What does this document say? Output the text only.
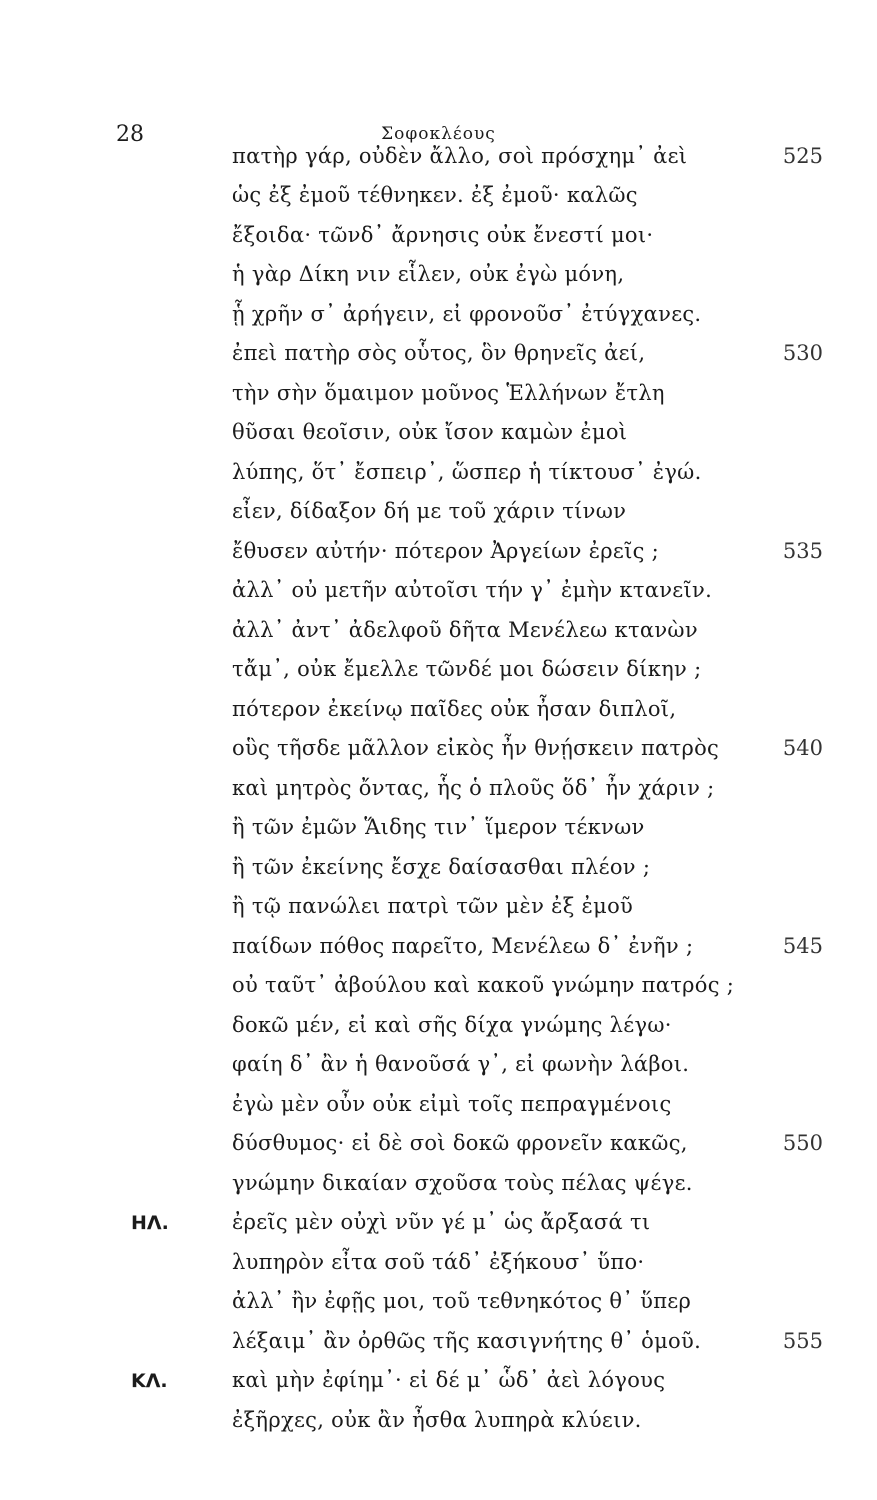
28	Σοφοκλέους
πατὴρ γάρ, οὐδὲν ἄλλο, σοὶ πρόσχημ᾽ ἀεὶ	525
ὡς ἐξ ἐμοῦ τέθνηκεν. ἐξ ἐμοῦ· καλῶς
ἔξοιδα· τῶνδ᾽ ἄρνησις οὐκ ἔνεστί μοι·
ἡ γὰρ Δίκη νιν εἷλεν, οὐκ ἐγὼ μόνη,
ᾗ χρῆν σ᾽ ἀρήγειν, εἰ φρονοῦσ᾽ ἐτύγχανες.
ἐπεὶ πατὴρ σὸς οὗτος, ὃν θρηνεῖς ἀεί,	530
τὴν σὴν ὅμαιμον μοῦνος Ἑλλήνων ἔτλη
θῦσαι θεοῖσιν, οὐκ ἴσον καμὼν ἐμοὶ
λύπης, ὅτ᾽ ἔσπειρ᾽, ὥσπερ ἡ τίκτουσ᾽ ἐγώ.
εἶεν, δίδαξον δή με τοῦ χάριν τίνων
ἔθυσεν αὐτήν· πότερον Ἀργείων ἐρεῖς ;	535
ἀλλ᾽ οὐ μετῆν αὐτοῖσι τήν γ᾽ ἐμὴν κτανεῖν.
ἀλλ᾽ ἀντ᾽ ἀδελφοῦ δῆτα Μενέλεω κτανὼν
τἄμ᾽, οὐκ ἔμελλε τῶνδέ μοι δώσειν δίκην ;
πότερον ἐκείνῳ παῖδες οὐκ ἦσαν διπλοῖ,
οὓς τῆσδε μᾶλλον εἰκὸς ἦν θνῄσκειν πατρὸς	540
καὶ μητρὸς ὄντας, ἧς ὁ πλοῦς ὅδ᾽ ἦν χάριν ;
ἢ τῶν ἐμῶν Ἅιδης τιν᾽ ἵμερον τέκνων
ἢ τῶν ἐκείνης ἔσχε δαίσασθαι πλέον ;
ἢ τῷ πανώλει πατρὶ τῶν μὲν ἐξ ἐμοῦ
παίδων πόθος παρεῖτο, Μενέλεω δ᾽ ἐνῆν ;	545
οὐ ταῦτ᾽ ἀβούλου καὶ κακοῦ γνώμην πατρός ;
δοκῶ μέν, εἰ καὶ σῆς δίχα γνώμης λέγω·
φαίη δ᾽ ἂν ἡ θανοῦσά γ᾽, εἰ φωνὴν λάβοι.
ἐγὼ μὲν οὖν οὐκ εἰμὶ τοῖς πεπραγμένοις
δύσθυμος· εἰ δὲ σοὶ δοκῶ φρονεῖν κακῶς,	550
γνώμην δικαίαν σχοῦσα τοὺς πέλας ψέγε.
ΗΛ.	ἐρεῖς μὲν οὐχὶ νῦν γέ μ᾽ ὡς ἄρξασά τι
λυπηρὸν εἶτα σοῦ τάδ᾽ ἐξήκουσ᾽ ὕπο·
ἀλλ᾽ ἢν ἐφῇς μοι, τοῦ τεθνηκότος θ᾽ ὕπερ
λέξαιμ᾽ ἂν ὀρθῶς τῆς κασιγνήτης θ᾽ ὁμοῦ.	555
ΚΛ.	καὶ μὴν ἐφίημ᾽· εἰ δέ μ᾽ ὧδ᾽ ἀεὶ λόγους
ἐξῆρχες, οὐκ ἂν ἦσθα λυπηρὰ κλύειν.
